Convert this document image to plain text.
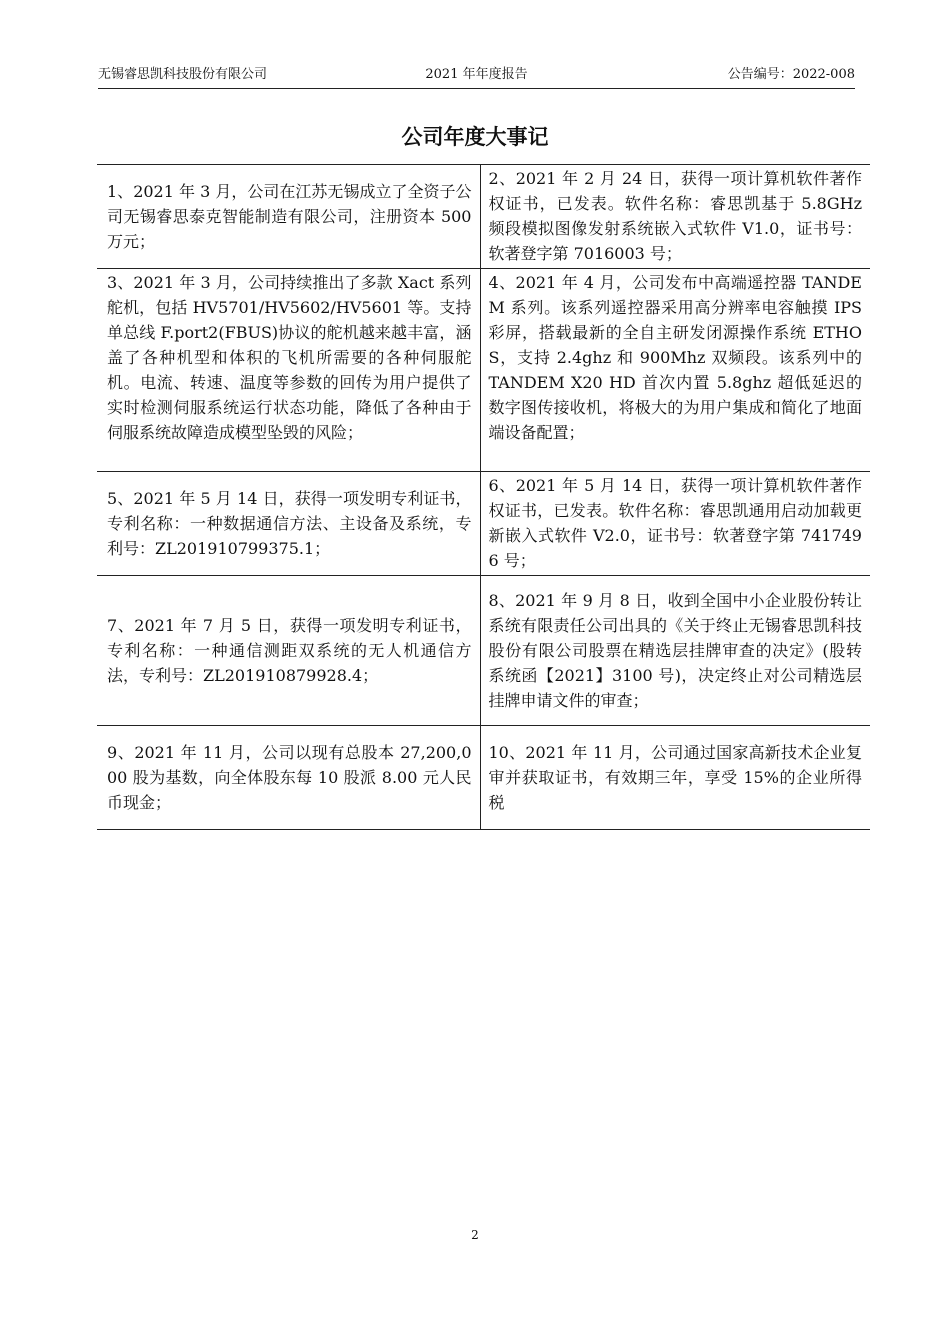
2021 年年度报告
无锡睿思凯科技股份有限公司	公告编号：2022-008
公司年度大事记
1、2021 年 3 月，公司在江苏无锡成立了全资子公司无锡睿思泰克智能制造有限公司，注册资本 500 万元；	2、2021 年 2 月 24 日，获得一项计算机软件著作权证书，已发表。软件名称：睿思凯基于 5.8GHz 频段模拟图像发射系统嵌入式软件 V1.0，证书号：软著登字第 7016003 号；
3、2021 年 3 月，公司持续推出了多款 Xact 系列舵机，包括 HV5701/HV5602/HV5601 等。支持单总线 F.port2(FBUS)协议的舵机越来越丰富，涵盖了各种机型和体积的飞机所需要的各种伺服舵机。电流、转速、温度等参数的回传为用户提供了实时检测伺服系统运行状态功能，降低了各种由于伺服系统故障造成模型坠毁的风险；	4、2021 年 4 月，公司发布中高端遥控器 TANDEM 系列。该系列遥控器采用高分辨率电容触摸 IPS 彩屏，搭载最新的全自主研发闭源操作系统 ETHOS，支持 2.4ghz 和 900Mhz 双频段。该系列中的 TANDEM X20 HD 首次内置 5.8ghz 超低延迟的数字图传接收机，将极大的为用户集成和简化了地面端设备配置；
5、2021 年 5 月 14 日，获得一项发明专利证书，专利名称：一种数据通信方法、主设备及系统，专利号：ZL201910799375.1；	6、2021 年 5 月 14 日，获得一项计算机软件著作权证书，已发表。软件名称：睿思凯通用启动加载更新嵌入式软件 V2.0，证书号：软著登字第 7417496 号；
7、2021 年 7 月 5 日，获得一项发明专利证书，专利名称：一种通信测距双系统的无人机通信方法，专利号：ZL201910879928.4；	8、2021 年 9 月 8 日，收到全国中小企业股份转让系统有限责任公司出具的《关于终止无锡睿思凯科技股份有限公司股票在精选层挂牌审查的决定》(股转系统函【2021】3100 号)，决定终止对公司精选层挂牌申请文件的审查；
9、2021 年 11 月，公司以现有总股本 27,200,000 股为基数，向全体股东每 10 股派 8.00 元人民币现金；	10、2021 年 11 月，公司通过国家高新技术企业复审并获取证书，有效期三年，享受 15%的企业所得税
2
